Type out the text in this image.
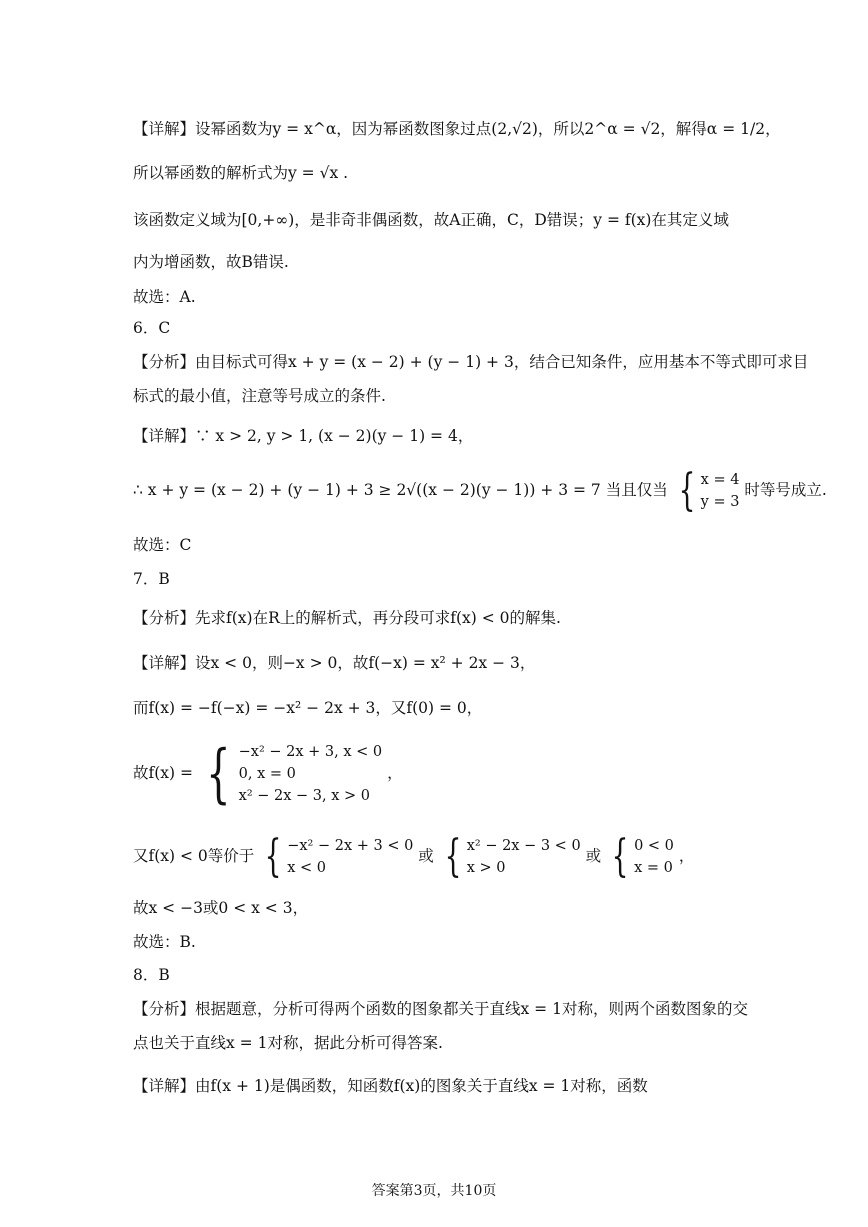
【详解】设幂函数为y = x^α，因为幂函数图象过点(2,√2)，所以2^α = √2，解得α = 1/2，
所以幂函数的解析式为y = √x .
该函数定义域为[0,+∞)，是非奇非偶函数，故A正确，C，D错误；y = f(x)在其定义域
内为增函数，故B错误.
故选：A.
6．C
【分析】由目标式可得x + y = (x − 2) + (y − 1) + 3，结合已知条件，应用基本不等式即可求目
标式的最小值，注意等号成立的条件.
【详解】∵ x > 2, y > 1, (x − 2)(y − 1) = 4，
∴ x + y = (x − 2) + (y − 1) + 3 ≥ 2√((x − 2)(y − 1)) + 3 = 7 当且仅当 { x = 4
y = 3
时等号成立.
故选：C
7．B
【分析】先求f(x)在R上的解析式，再分段可求f(x) < 0的解集.
【详解】设x < 0，则−x > 0，故f(−x) = x² + 2x − 3，
而f(x) = −f(−x) = −x² − 2x + 3，又f(0) = 0，
故f(x) = { −x² − 2x + 3, x < 0
0, x = 0
x² − 2x − 3, x > 0
，
又f(x) < 0等价于 { −x² − 2x + 3 < 0
x < 0
或 { x² − 2x − 3 < 0
x > 0
或 { 0 < 0
x = 0
，
故x < −3或0 < x < 3，
故选：B.
8．B
【分析】根据题意，分析可得两个函数的图象都关于直线x = 1对称，则两个函数图象的交
点也关于直线x = 1对称，据此分析可得答案.
【详解】由f(x + 1)是偶函数，知函数f(x)的图象关于直线x = 1对称，函数
答案第3页，共10页
